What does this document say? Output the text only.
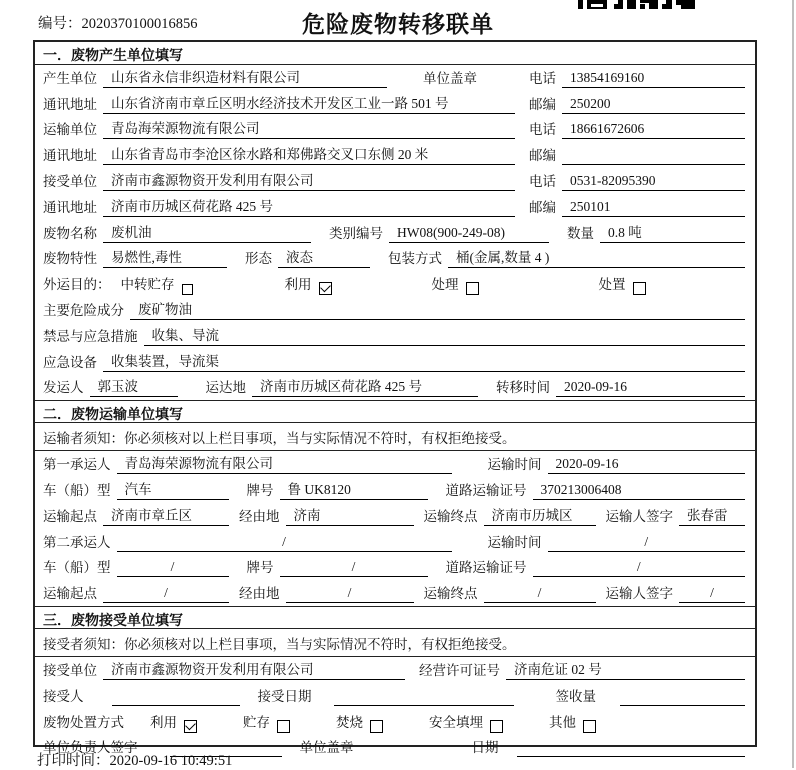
编号：2020370100016856	危险废物转移联单
一．废物产生单位填写
产生单位	山东省永信非织造材料有限公司	单位盖章	电话	13854169160
通讯地址	山东省济南市章丘区明水经济技术开发区工业一路 501 号	邮编	250200
运输单位	青岛海荣源物流有限公司	电话	18661672606
通讯地址	山东省青岛市李沧区徐水路和郑佛路交叉口东侧 20 米	邮编
接受单位	济南市鑫源物资开发利用有限公司	电话	0531-82095390
通讯地址	济南市历城区荷花路 425 号	邮编	250101
废物名称	废机油	类别编号	HW08(900-249-08)	数量	0.8 吨
废物特性	易燃性,毒性	形态	液态	包装方式	桶(金属,数量 4 )
外运目的： 中转贮存	利用	处理	处置
主要危险成分	废矿物油
禁忌与应急措施	收集、导流
应急设备	收集装置，导流渠
发运人	郭玉波	运达地	济南市历城区荷花路 425 号	转移时间	2020-09-16
二．废物运输单位填写
运输者须知：你必须核对以上栏目事项，当与实际情况不符时，有权拒绝接受。
第一承运人	青岛海荣源物流有限公司	运输时间	2020-09-16
车（船）型	汽车	牌号	鲁 UK8120	道路运输证号	370213006408
运输起点	济南市章丘区	经由地	济南	运输终点	济南市历城区	运输人签字	张春雷
第二承运人	/	运输时间	/
车（船）型	/	牌号	/	道路运输证号	/
运输起点	/	经由地	/	运输终点	/	运输人签字	/
三．废物接受单位填写
接受者须知：你必须核对以上栏目事项，当与实际情况不符时，有权拒绝接受。
接受单位	济南市鑫源物资开发利用有限公司	经营许可证号	济南危证 02 号
接受人	接受日期	签收量
废物处置方式 利用	贮存	焚烧	安全填埋	其他
单位负责人签字	单位盖章	日期
打印时间：2020-09-16 10:49:51
